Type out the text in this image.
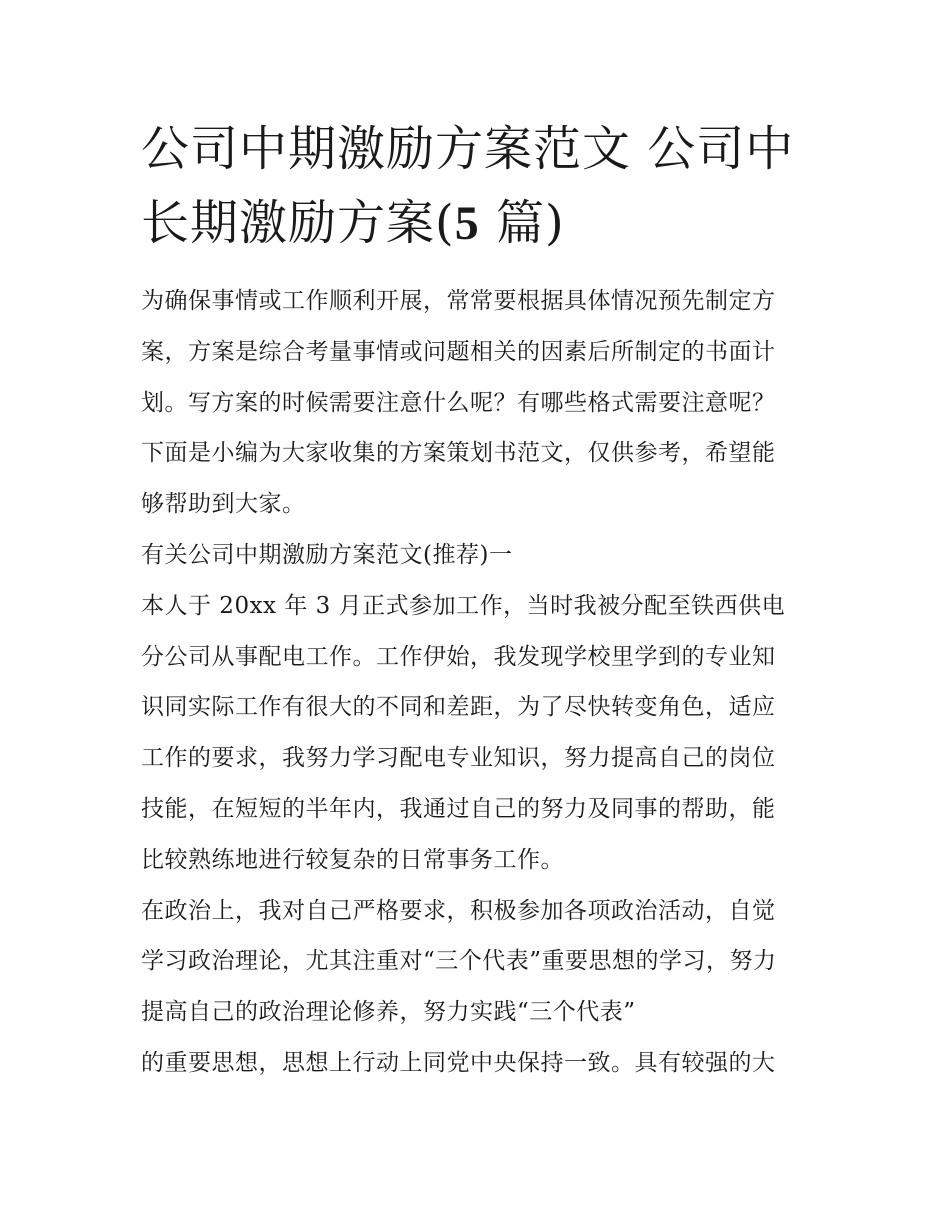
公司中期激励方案范文 公司中长期激励方案(5 篇)

为确保事情或工作顺利开展，常常要根据具体情况预先制定方
案，方案是综合考量事情或问题相关的因素后所制定的书面计
划。写方案的时候需要注意什么呢？有哪些格式需要注意呢？
下面是小编为大家收集的方案策划书范文，仅供参考，希望能
够帮助到大家。

有关公司中期激励方案范文(推荐)一

本人于 20xx 年 3 月正式参加工作，当时我被分配至铁西供电
分公司从事配电工作。工作伊始，我发现学校里学到的专业知
识同实际工作有很大的不同和差距，为了尽快转变角色，适应
工作的要求，我努力学习配电专业知识，努力提高自己的岗位
技能，在短短的半年内，我通过自己的努力及同事的帮助，能
比较熟练地进行较复杂的日常事务工作。

在政治上，我对自己严格要求，积极参加各项政治活动，自觉
学习政治理论，尤其注重对“三个代表”重要思想的学习，努力
提高自己的政治理论修养，努力实践“三个代表”

的重要思想，思想上行动上同党中央保持一致。具有较强的大
